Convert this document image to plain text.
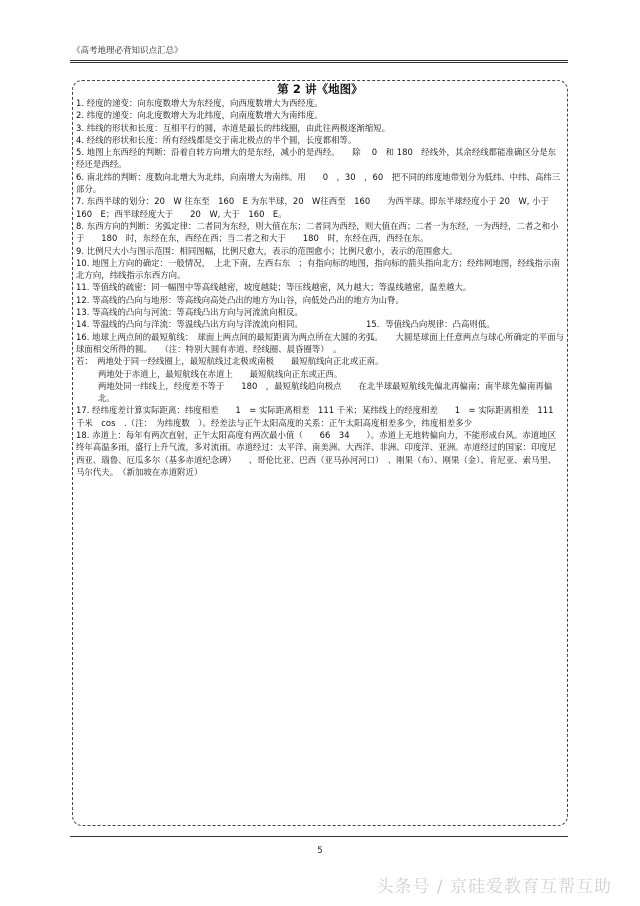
《高考地理必背知识点汇总》
第 2 讲《地图》

1. 经度的递变：向东度数增大为东经度，向西度数增大为西经度。

2. 纬度的递变：向北度数增大为北纬度，向南度数增大为南纬度。

3. 纬线的形状和长度：互相平行的圆，赤道是最长的纬线圈，由此往两极逐渐缩短。

4. 经线的形状和长度：所有经线都是交于南北极点的半个圆，长度都相等。

5. 地图上东西经的判断：沿着自转方向增大的是东经，减小的是西经。　　除　 0　和 180　经线外，其余经线都能准确区分是东经还是西经。

6. 南北纬的判断：度数向北增大为北纬，向南增大为南纬。用　　0　，30　，60　把不同的纬度地带划分为低纬、中纬、高纬三部分。

7. 东西半球的划分：20　W 往东至　160　E 为东半球，20　W往西至　160　　为西半球。即东半球经度小于 20　W, 小于　160　E；西半球经度大于　　20　W, 大于　160　E。

8. 东西方向的判断：劣弧定律：二者同为东经，则大值在东；二者同为西经，则大值在西；二者一为东经，一为西经，二者之和小于　　180　时，东经在东，西经在西；当二者之和大于　　180　时，东经在西，西经在东。

9. 比例尺大小与图示范围：相同图幅，比例尺愈大，表示的范围愈小；比例尺愈小，表示的范围愈大。

10. 地图上方向的确定：一般情况，　上北下南，左西右东　；有指向标的地图，指向标的箭头指向北方；经纬网地图，经线指示南北方向，纬线指示东西方向。

11. 等值线的疏密：同一幅图中等高线越密，坡度越陡；等压线越密，风力越大；等温线越密，温差越大。

12. 等高线的凸向与地形：等高线向高处凸出的地方为山谷，向低处凸出的地方为山脊。

13. 等高线的凸向与河流：等高线凸出方向与河流流向相反。

14. 等温线的凸向与洋流：等温线凸出方向与洋流流向相同。　　　　　　　　15．等值线凸向规律：凸高则低。

16. 地球上两点间的最短航线：　球面上两点间的最短距离为两点所在大圆的劣弧。　　大圆是球面上任意两点与球心所确定的平面与球面相交所得的圆。　　（注：特别大圆有赤道、经线圈、晨昏圈等）　。

若：　两地处于同一经线圈上，最短航线过北极或南极　　最短航线向正北或正南。

两地处于赤道上，最短航线在赤道上　　最短航线向正东或正西。

两地处同一纬线上，经度差不等于　　180　，最短航线趋向极点　　在北半球最短航线先偏北再偏南；南半球先偏南再偏北。

17. 经纬度差计算实际距离：纬度相差　　1　= 实际距离相差　111 千米；某纬线上的经度相差　　1　= 实际距离相差　111 千米　cos　.（注：　为纬度数　）。经差法与正午太阳高度的关系：正午太阳高度相差多少，纬度相差多少

18. 赤道上：每年有两次直射，正午太阳高度有两次最小值（　　66　34　　）。赤道上无地转偏向力，不能形成台风。赤道地区终年高温多雨，盛行上升气流，多对流雨。赤道经过：太平洋、南美洲、大西洋、非洲、印度洋、亚洲。赤道经过的国家：印度尼西亚、瑙鲁、厄瓜多尔（基多赤道纪念碑）　　、哥伦比亚、巴西（亚马孙河河口）　、刚果（布）、刚果（金）、肯尼亚、索马里、马尔代夫。　（新加坡在赤道附近）

5
头条号 / 京硅爱教育互帮互助
